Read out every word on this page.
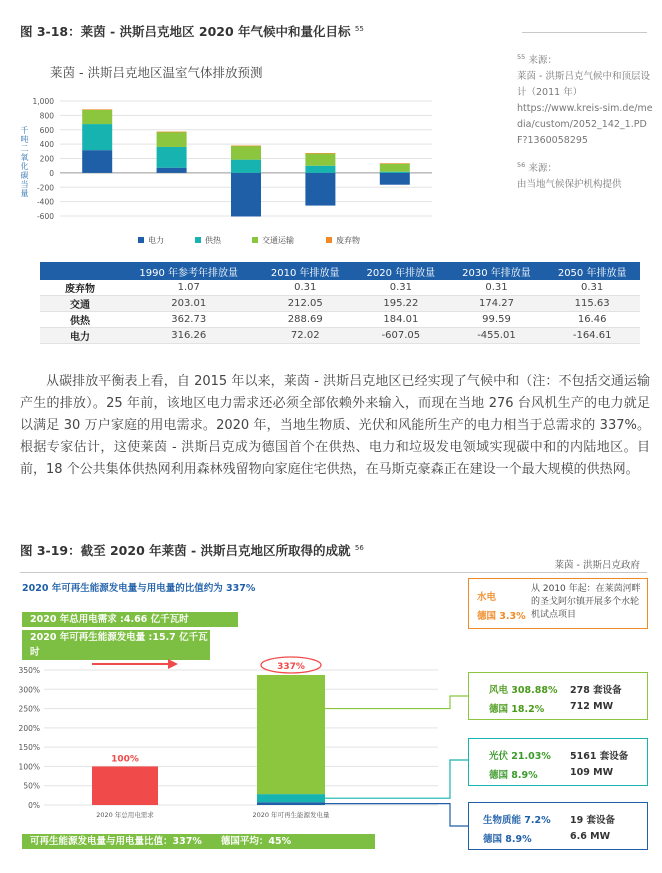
图 3-18：莱茵 - 洪斯吕克地区 2020 年气候中和量化目标 $^{55}$
莱茵 - 洪斯吕克地区温室气体排放预测
千吨二氧化碳当量
1,000
800
600
400
200
0
-200
-400
-600
电力	供热	交通运输	废弃物
$^{55}$ 来源：
莱茵 - 洪斯吕克气候中和顶层设计（2011 年）
https://www.kreis-sim.de/media/custom/2052_142_1.PDF?1360058295
$^{56}$ 来源：
由当地气候保护机构提供
	1990 年参考年排放量	2010 年排放量	2020 年排放量	2030 年排放量	2050 年排放量
废弃物	1.07	0.31	0.31	0.31	0.31
交通	203.01	212.05	195.22	174.27	115.63
供热	362.73	288.69	184.01	99.59	16.46
电力	316.26	72.02	-607.05	-455.01	-164.61

从碳排放平衡表上看，自 2015 年以来，莱茵 - 洪斯吕克地区已经实现了气候中和（注：不包括交通运输产生的排放）。25 年前，该地区电力需求还必须全部依赖外来输入，而现在当地 276 台风机生产的电力就足以满足 30 万户家庭的用电需求。2020 年，当地生物质、光伏和风能所生产的电力相当于总需求的 337%。根据专家估计，这使莱茵 - 洪斯吕克成为德国首个在供热、电力和垃圾发电领域实现碳中和的内陆地区。目前，18 个公共集体供热网利用森林残留物向家庭住宅供热，在马斯克豪森正在建设一个最大规模的供热网。

图 3-19：截至 2020 年莱茵 - 洪斯吕克地区所取得的成就 $^{56}$
莱茵 - 洪斯吕克政府
2020 年可再生能源发电量与用电量的比值约为 337%
2020 年总用电需求 :4.66 亿千瓦时
2020 年可再生能源发电量 :15.7 亿千瓦时
可再生能源发电量与用电量比值：337%　　德国平均：45%
350%
300%
250%
200%
150%
100%
50%
0%
100%
2020 年总用电需求
337%
2020 年可再生能源发电量
水电
德国 3.3%
从 2010 年起：在莱茵河畔的圣戈阿尔镇开展多个水轮机试点项目
风电 308.88% 278 套设备
德国 18.2%	712 MW
光伏 21.03% 5161 套设备
德国 8.9%	109 MW
生物质能 7.2% 19 套设备
德国 8.9%	6.6 MW
